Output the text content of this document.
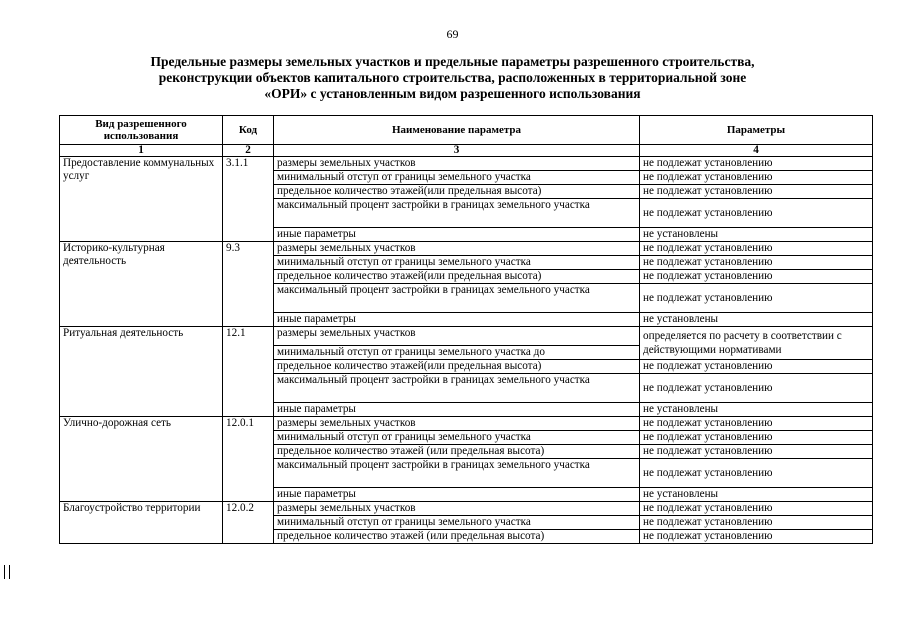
69
Предельные размеры земельных участков и предельные параметры разрешенного строительства,
реконструкции объектов капитального строительства, расположенных в территориальной зоне
«ОРИ» с установленным видом разрешенного использования
Вид разрешенного использования	Код	Наименование параметра	Параметры
1	2	3	4
Предоставление коммунальных услуг	3.1.1	размеры земельных участков	не подлежат установлению
		минимальный отступ от границы земельного участка	не подлежат установлению
		предельное количество этажей(или предельная высота)	не подлежат установлению
		максимальный процент застройки в границах земельного участка	не подлежат установлению
		иные параметры	не установлены
Историко-культурная деятельность	9.3	размеры земельных участков	не подлежат установлению
		минимальный отступ от границы земельного участка	не подлежат установлению
		предельное количество этажей(или предельная высота)	не подлежат установлению
		максимальный процент застройки в границах земельного участка	не подлежат установлению
		иные параметры	не установлены
Ритуальная деятельность	12.1	размеры земельных участков	определяется по расчету в соответствии с действующими нормативами
		минимальный отступ от границы земельного участка до	
		предельное количество этажей(или предельная высота)	не подлежат установлению
		максимальный процент застройки в границах земельного участка	не подлежат установлению
		иные параметры	не установлены
Улично-дорожная сеть	12.0.1	размеры земельных участков	не подлежат установлению
		минимальный отступ от границы земельного участка	не подлежат установлению
		предельное количество этажей (или предельная высота)	не подлежат установлению
		максимальный процент застройки в границах земельного участка	не подлежат установлению
		иные параметры	не установлены
Благоустройство территории	12.0.2	размеры земельных участков	не подлежат установлению
		минимальный отступ от границы земельного участка	не подлежат установлению
		предельное количество этажей (или предельная высота)	не подлежат установлению
